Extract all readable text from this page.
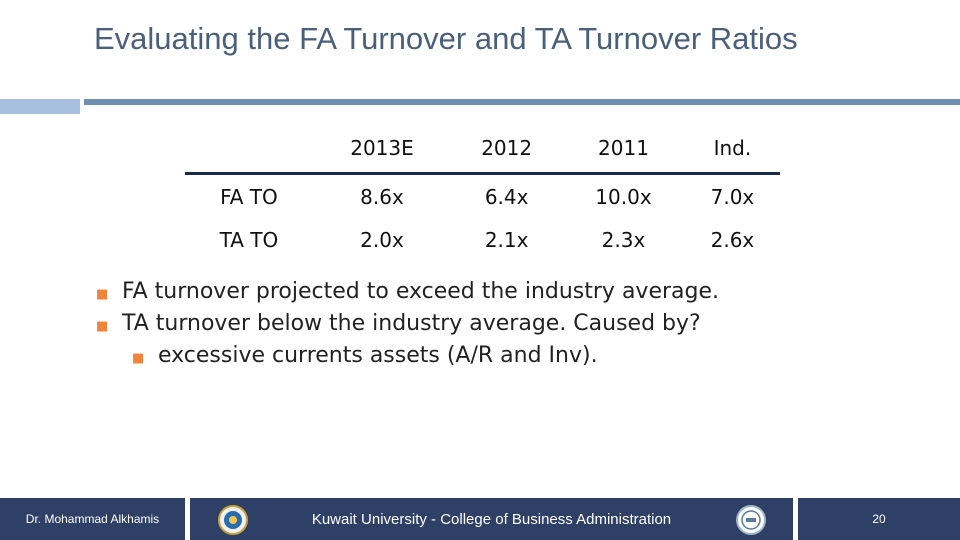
Evaluating the FA Turnover and TA Turnover Ratios
	2013E	2012	2011	Ind.
FA TO	8.6x	6.4x	10.0x	7.0x
TA TO	2.0x	2.1x	2.3x	2.6x
■ FA turnover projected to exceed the industry average.
■ TA turnover below the industry average. Caused by?
■ excessive currents assets (A/R and Inv).
Dr. Mohammad Alkhamis	Kuwait University - College of Business Administration	20
